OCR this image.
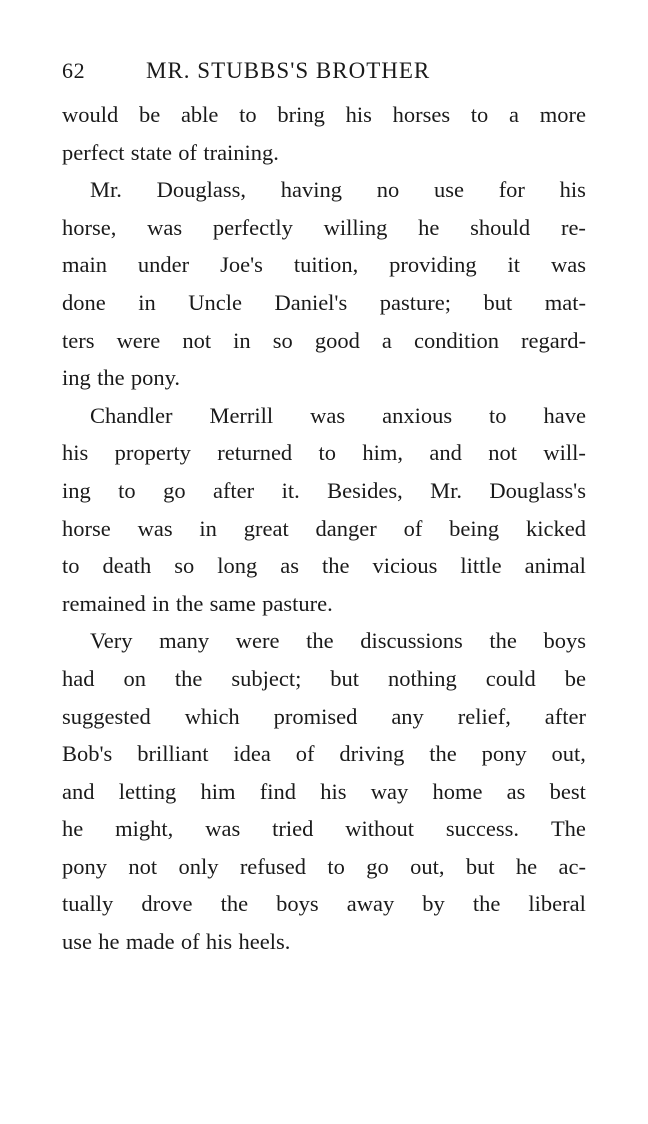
62	MR. STUBBS'S BROTHER
would be able to bring his horses to a more
perfect state of training.
Mr. Douglass, having no use for his
horse, was perfectly willing he should re-
main under Joe's tuition, providing it was
done in Uncle Daniel's pasture; but mat-
ters were not in so good a condition regard-
ing the pony.
Chandler Merrill was anxious to have
his property returned to him, and not will-
ing to go after it. Besides, Mr. Douglass's
horse was in great danger of being kicked
to death so long as the vicious little animal
remained in the same pasture.
Very many were the discussions the boys
had on the subject; but nothing could be
suggested which promised any relief, after
Bob's brilliant idea of driving the pony out,
and letting him find his way home as best
he might, was tried without success. The
pony not only refused to go out, but he ac-
tually drove the boys away by the liberal
use he made of his heels.
